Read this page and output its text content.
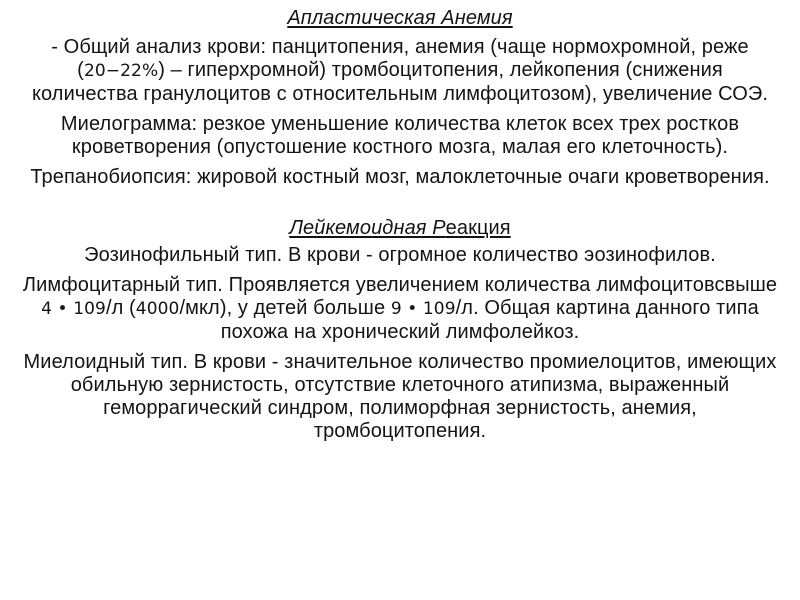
Апластическая Анемия

- Общий анализ крови: панцитопения, анемия (чаще нормохромной, реже (20−22%) – гиперхромной) тромбоцитопения, лейкопения (снижения количества гранулоцитов с относительным лимфоцитозом), увеличение СОЭ.

Миелограмма: резкое уменьшение количества клеток всех трех ростков кроветворения (опустошение костного мозга, малая его клеточность).

Трепанобиопсия: жировой костный мозг, малоклеточные очаги кроветворения.

Лейкемоидная Реакция

Эозинофильный тип. В крови - огромное количество эозинофилов.

Лимфоцитарный тип. Проявляется увеличением количества лимфоцитовсвыше 4 • 109/л (4000/мкл), у детей больше 9 • 109/л. Общая картина данного типа похожа на хронический лимфолейкоз.

Миелоидный тип. В крови - значительное количество промиелоцитов, имеющих обильную зернистость, отсутствие клеточного атипизма, выраженный геморрагический синдром, полиморфная зернистость, анемия, тромбоцитопения.
